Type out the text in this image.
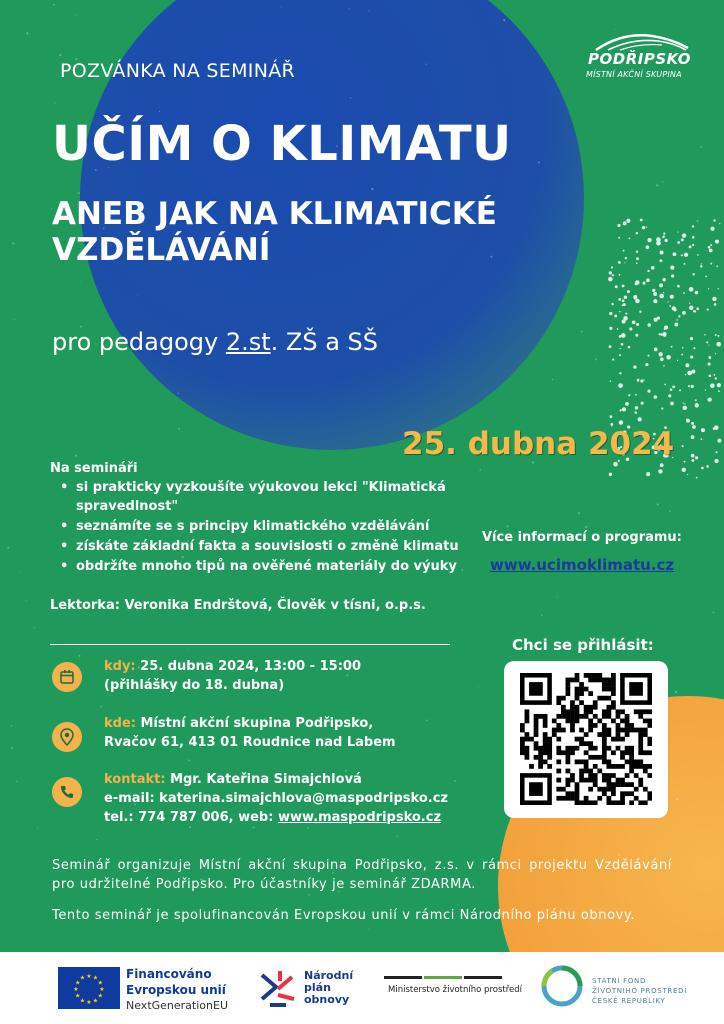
PODŘIPSKO
MÍSTNÍ AKČNÍ SKUPINA
POZVÁNKA NA SEMINÁŘ
UČÍM O KLIMATU
ANEB JAK NA KLIMATICKÉ VZDĚLÁVÁNÍ
pro pedagogy 2.st. ZŠ a SŠ
25. dubna 2024
Na semináři
• si prakticky vyzkoušíte výukovou lekci "Klimatická spravedlnost"
• seznámíte se s principy klimatického vzdělávání
• získáte základní fakta a souvislosti o změně klimatu
• obdržíte mnoho tipů na ověřené materiály do výuky
Lektorka: Veronika Endrštová, Člověk v tísni, o.p.s.
Více informací o programu:
www.ucimoklimatu.cz
Chci se přihlásit:
kdy: 25. dubna 2024, 13:00 - 15:00
(přihlášky do 18. dubna)
kde: Místní akční skupina Podřipsko,
Rvačov 61, 413 01 Roudnice nad Labem
kontakt: Mgr. Kateřina Simajchlová
e-mail: katerina.simajchlova@maspodripsko.cz
tel.: 774 787 006, web: www.maspodripsko.cz
Seminář organizuje Místní akční skupina Podřipsko, z.s. v rámci projektu Vzdělávání pro udržitelné Podřipsko. Pro účastníky je seminář ZDARMA.
Tento seminář je spolufinancován Evropskou unií v rámci Národního plánu obnovy.
★
★
★
★
★
★
★
★
★ ★ ★
★
Financováno
Evropskou unií
NextGenerationEU
Národní
plán
obnovy
Ministerstvo životního prostředí
STÁTNÍ FOND
ŽIVOTNÍHO PROSTŘEDÍ
ČESKÉ REPUBLIKY
